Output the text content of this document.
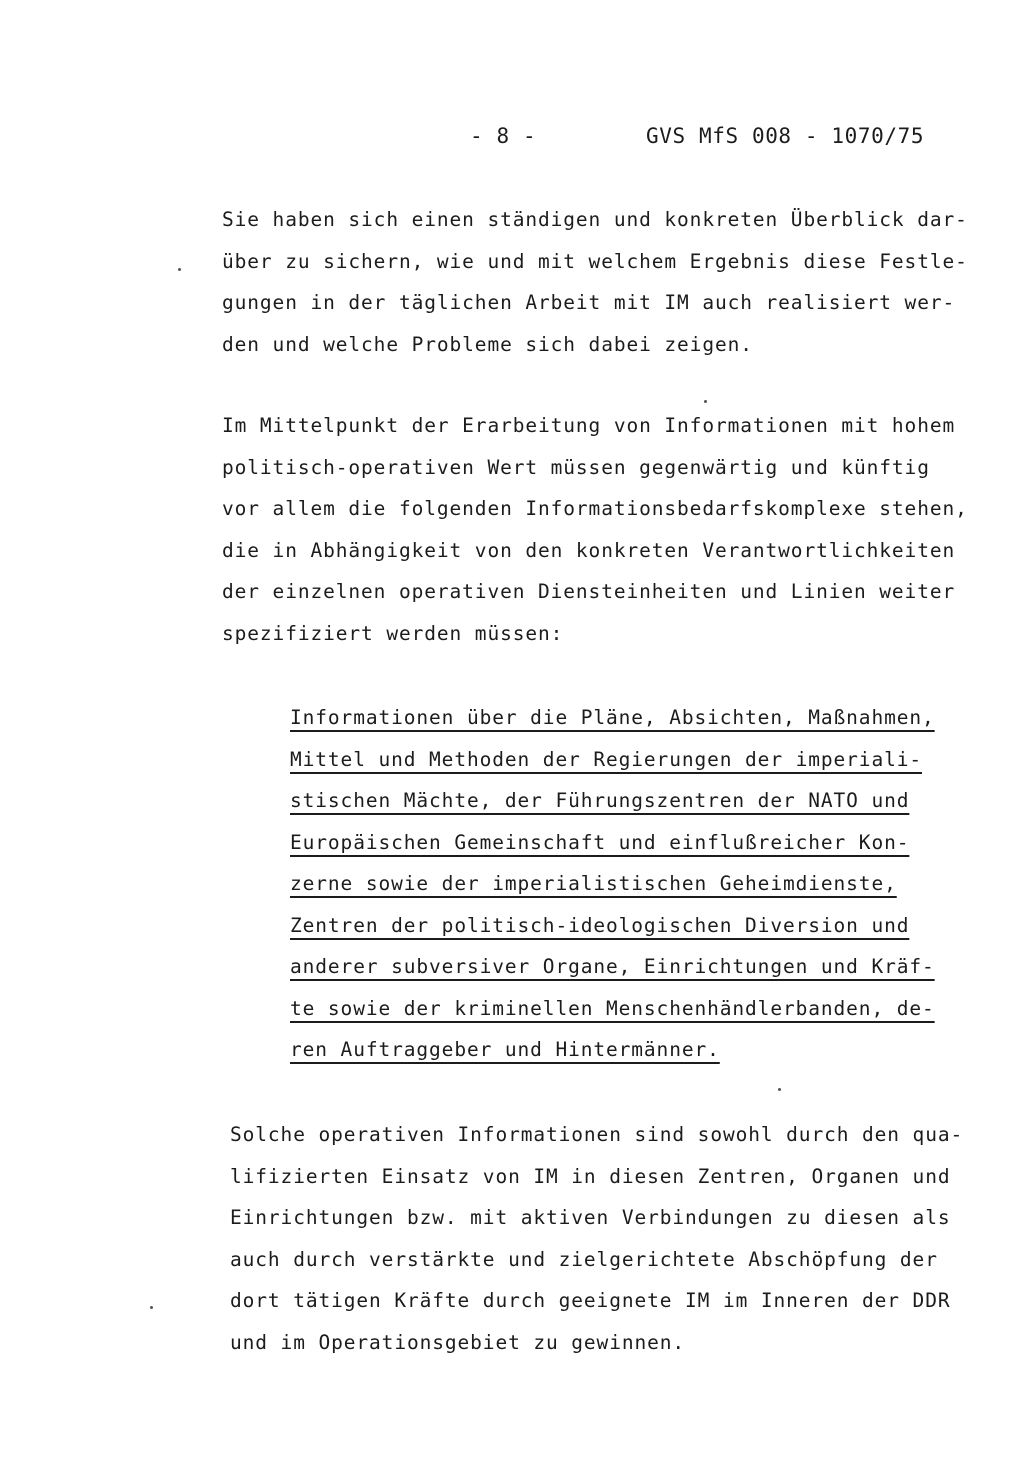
- 8 -	GVS MfS 008 - 1070/75
Sie haben sich einen ständigen und konkreten Überblick dar-
über zu sichern, wie und mit welchem Ergebnis diese Festle-
gungen in der täglichen Arbeit mit IM auch realisiert wer-
den und welche Probleme sich dabei zeigen.
Im Mittelpunkt der Erarbeitung von Informationen mit hohem
politisch-operativen Wert müssen gegenwärtig und künftig
vor allem die folgenden Informationsbedarfskomplexe stehen,
die in Abhängigkeit von den konkreten Verantwortlichkeiten
der einzelnen operativen Diensteinheiten und Linien weiter
spezifiziert werden müssen:
Informationen über die Pläne, Absichten, Maßnahmen,
Mittel und Methoden der Regierungen der imperiali-
stischen Mächte, der Führungszentren der NATO und
Europäischen Gemeinschaft und einflußreicher Kon-
zerne sowie der imperialistischen Geheimdienste,
Zentren der politisch-ideologischen Diversion und
anderer subversiver Organe, Einrichtungen und Kräf-
te sowie der kriminellen Menschenhändlerbanden, de-
ren Auftraggeber und Hintermänner.
Solche operativen Informationen sind sowohl durch den qua-
lifizierten Einsatz von IM in diesen Zentren, Organen und
Einrichtungen bzw. mit aktiven Verbindungen zu diesen als
auch durch verstärkte und zielgerichtete Abschöpfung der
dort tätigen Kräfte durch geeignete IM im Inneren der DDR
und im Operationsgebiet zu gewinnen.
